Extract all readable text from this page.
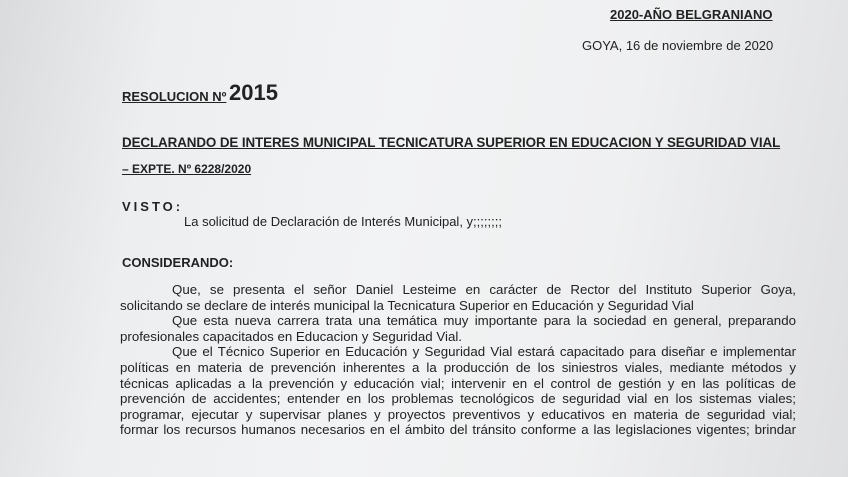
2020-AÑO BELGRANIANO
GOYA, 16 de noviembre de 2020
RESOLUCION Nº 2015
DECLARANDO DE INTERES MUNICIPAL TECNICATURA SUPERIOR EN EDUCACION Y SEGURIDAD VIAL
– EXPTE. Nº 6228/2020
VISTO:
La solicitud de Declaración de Interés Municipal, y;;;;;;;;
CONSIDERANDO:
Que, se presenta el señor Daniel Lesteime en carácter de Rector del Instituto Superior Goya,
solicitando se declare de interés municipal la Tecnicatura Superior en Educación y Seguridad Vial
Que esta nueva carrera trata una temática muy importante para la sociedad en general, preparando
profesionales capacitados en Educacion y Seguridad Vial.
Que el Técnico Superior en Educación y Seguridad Vial estará capacitado para diseñar e implementar
políticas en materia de prevención inherentes a la producción de los siniestros viales, mediante métodos y
técnicas aplicadas a la prevención y educación vial; intervenir en el control de gestión y en las políticas de
prevención de accidentes; entender en los problemas tecnológicos de seguridad vial en los sistemas viales;
programar, ejecutar y supervisar planes y proyectos preventivos y educativos en materia de seguridad vial;
formar los recursos humanos necesarios en el ámbito del tránsito conforme a las legislaciones vigentes; brindar
